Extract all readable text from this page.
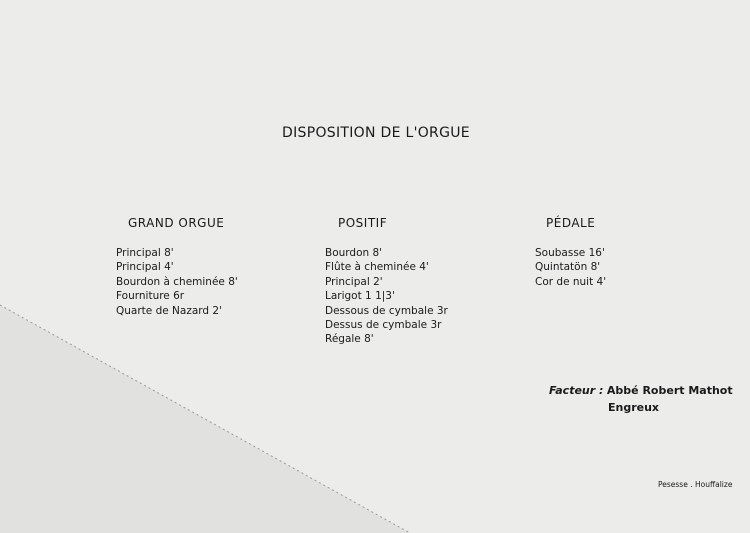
DISPOSITION DE L'ORGUE
GRAND ORGUE
Principal 8'
Principal 4'
Bourdon à cheminée 8'
Fourniture 6r
Quarte de Nazard 2'
POSITIF
Bourdon 8'
Flûte à cheminée 4'
Principal 2'
Larigot 1 1|3'
Dessous de cymbale 3r
Dessus de cymbale 3r
Régale 8'
PÉDALE
Soubasse 16'
Quintatön 8'
Cor de nuit 4'
Facteur : Abbé Robert Mathot
Engreux
Pesesse . Houffalize
